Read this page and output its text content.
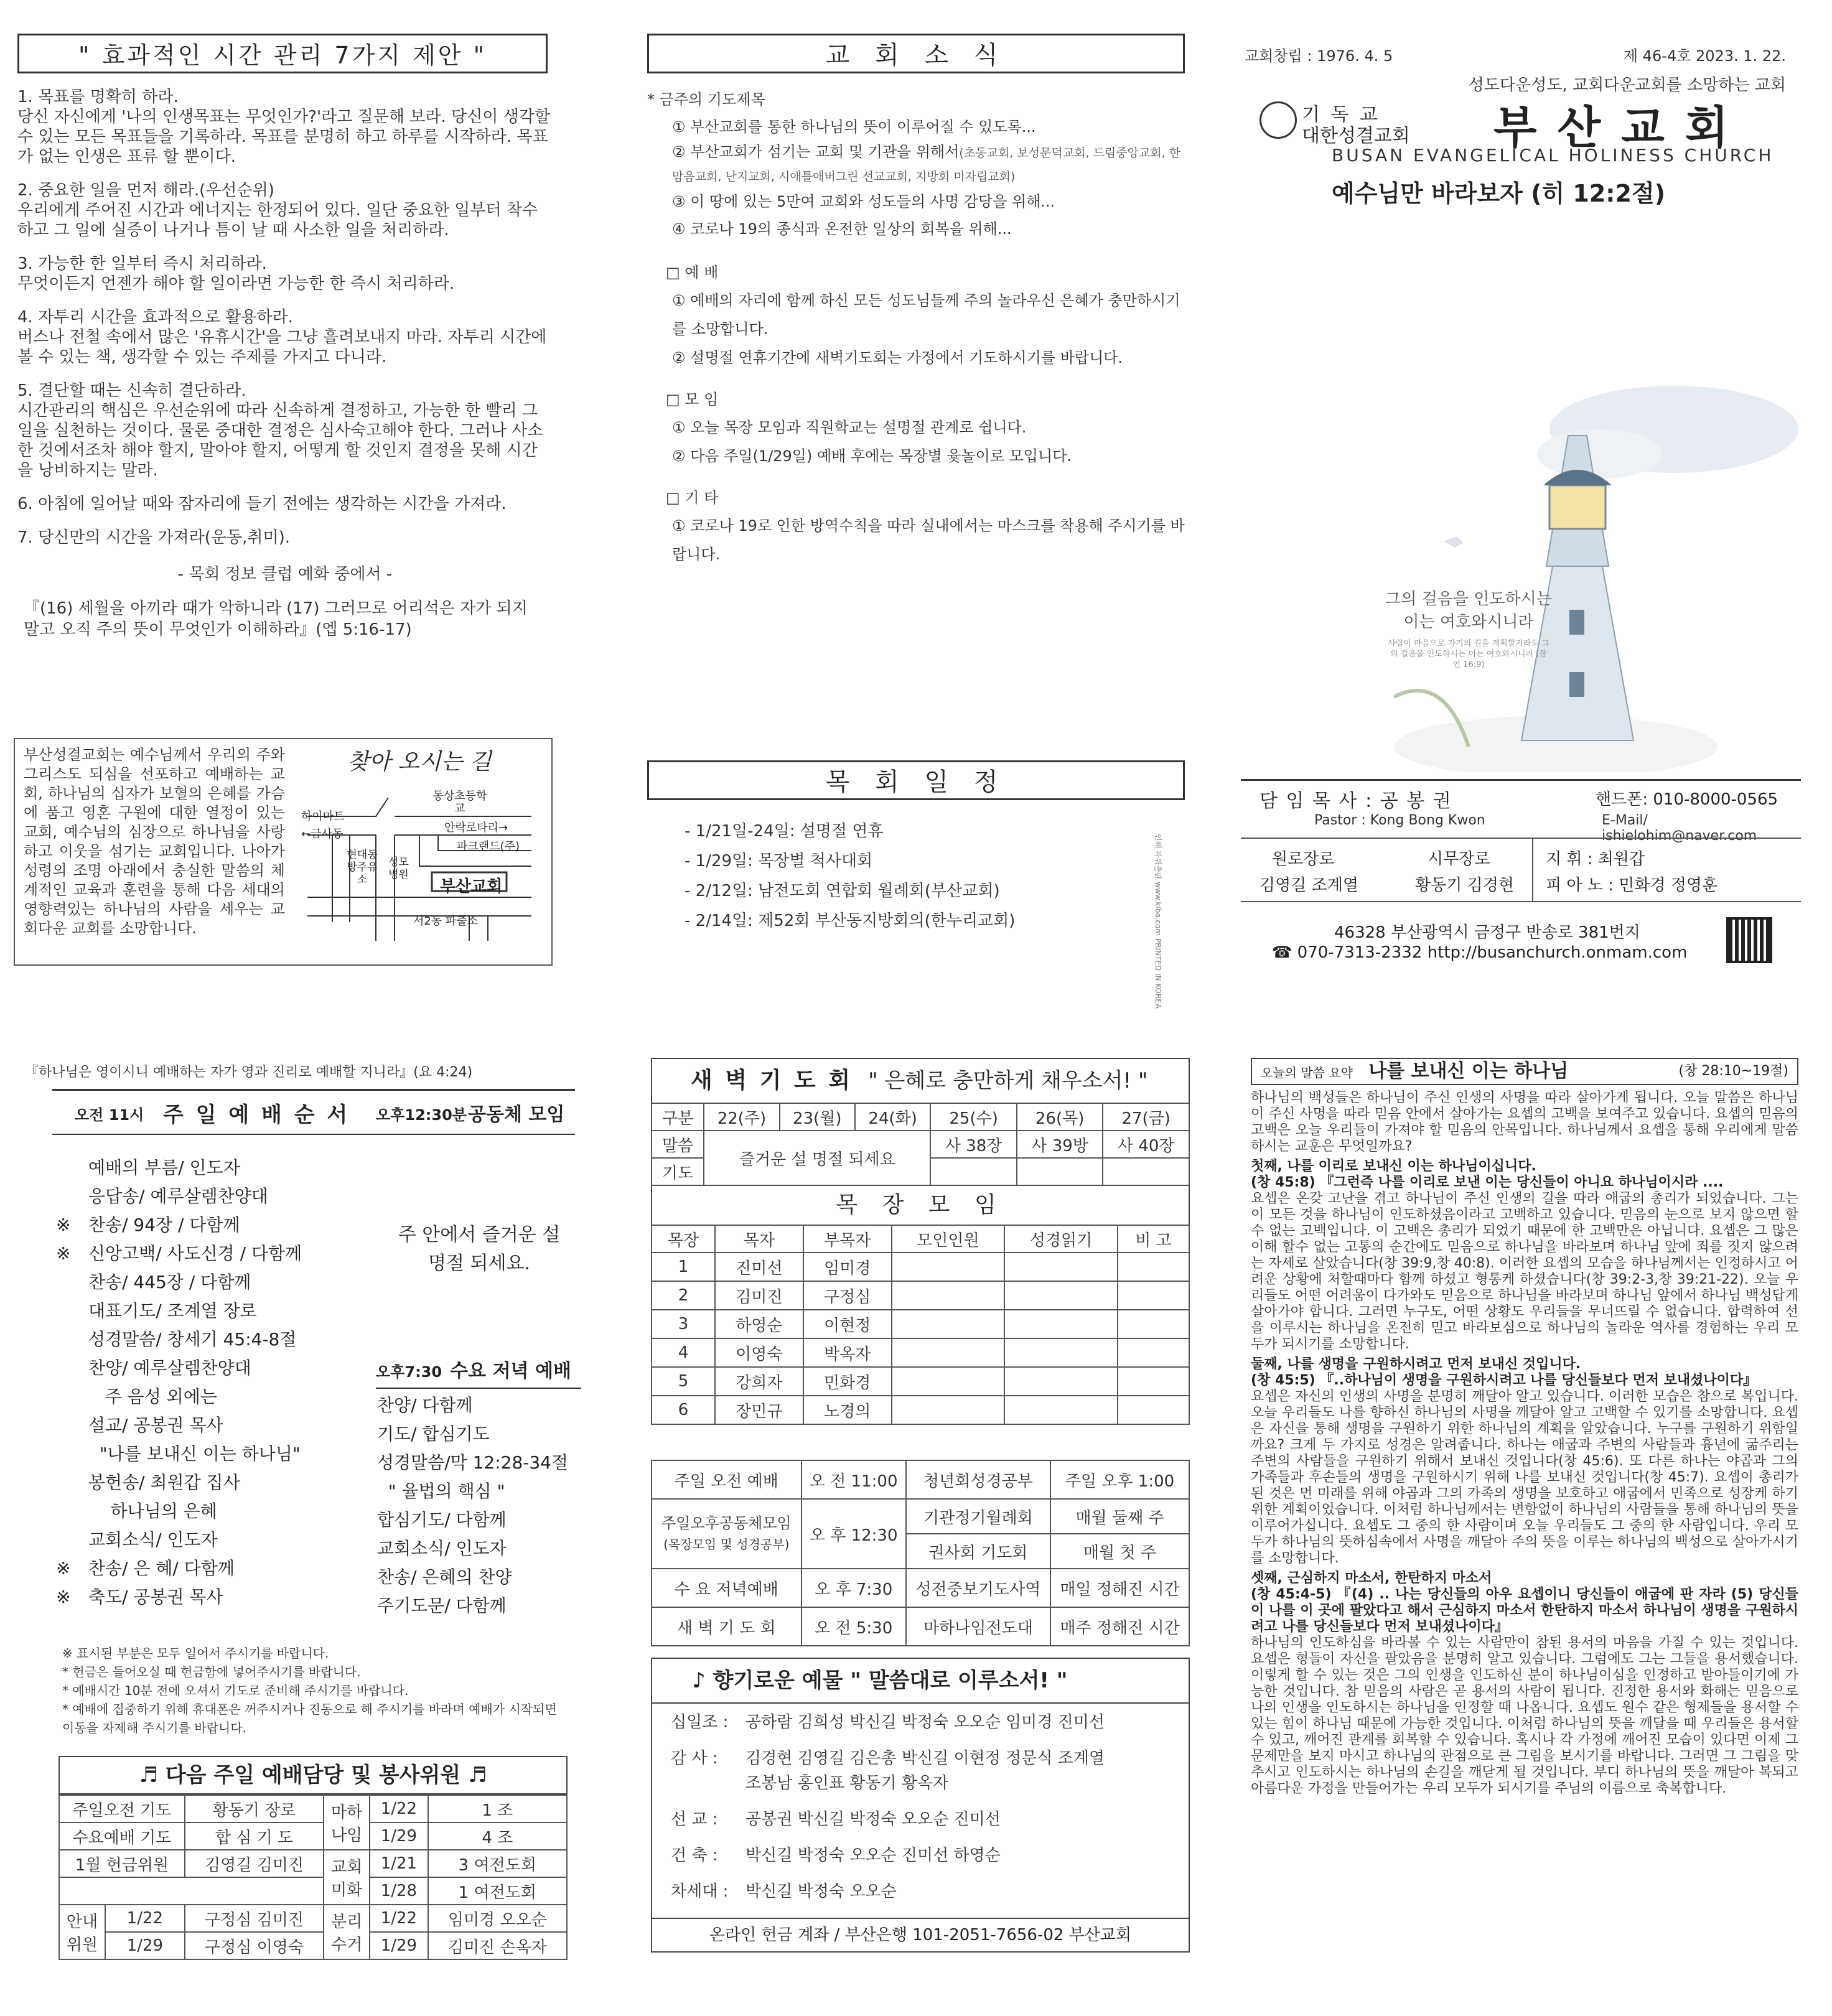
" 효과적인 시간 관리 7가지 제안 "
1. 목표를 명확히 하라.
당신 자신에게 '나의 인생목표는 무엇인가?'라고 질문해 보라. 당신이 생각할 수 있는 모든 목표들을 기록하라. 목표를 분명히 하고 하루를 시작하라. 목표가 없는 인생은 표류 할 뿐이다.
2. 중요한 일을 먼저 해라.(우선순위)
우리에게 주어진 시간과 에너지는 한정되어 있다. 일단 중요한 일부터 착수하고 그 일에 실증이 나거나 틈이 날 때 사소한 일을 처리하라.
3. 가능한 한 일부터 즉시 처리하라.
무엇이든지 언젠가 해야 할 일이라면 가능한 한 즉시 처리하라.
4. 자투리 시간을 효과적으로 활용하라.
버스나 전철 속에서 많은 '유휴시간'을 그냥 흘려보내지 마라. 자투리 시간에 볼 수 있는 책, 생각할 수 있는 주제를 가지고 다니라.
5. 결단할 때는 신속히 결단하라.
시간관리의 핵심은 우선순위에 따라 신속하게 결정하고, 가능한 한 빨리 그 일을 실천하는 것이다. 물론 중대한 결정은 심사숙고해야 한다. 그러나 사소한 것에서조차 해야 할지, 말아야 할지, 어떻게 할 것인지 결정을 못해 시간을 낭비하지는 말라.
6. 아침에 일어날 때와 잠자리에 들기 전에는 생각하는 시간을 가져라.
7. 당신만의 시간을 가져라(운동,취미).
- 목회 정보 클럽 예화 중에서 -
『(16) 세월을 아끼라 때가 악하니라 (17) 그러므로 어리석은 자가 되지 말고 오직 주의 뜻이 무엇인가 이해하라』(엡 5:16-17)
부산성결교회는 예수님께서 우리의 주와 그리스도 되심을 선포하고 예배하는 교회, 하나님의 십자가 보혈의 은혜를 가슴에 품고 영혼 구원에 대한 열정이 있는 교회, 예수님의 심장으로 하나님을 사랑하고 이웃을 섬기는 교회입니다. 나아가 성령의 조명 아래에서 충실한 말씀의 체계적인 교육과 훈련을 통해 다음 세대의 영향력있는 하나님의 사람을 세우는 교회다운 교회를 소망합니다.
찾아 오시는 길
동상초등학교
하이마트
←금사동
현대동방주유소
성모병원
안락로타리→
파크랜드(주)
부산교회
서2동 파출소
교 회 소 식
* 금주의 기도제목
① 부산교회를 통한 하나님의 뜻이 이루어질 수 있도록...
② 부산교회가 섬기는 교회 및 기관을 위해서(초동교회, 보성문덕교회, 드림중앙교회, 한맘음교회, 난지교회, 시애틀애버그린 선교교회, 지방회 미자립교회)
③ 이 땅에 있는 5만여 교회와 성도들의 사명 감당을 위해...
④ 코로나 19의 종식과 온전한 일상의 회복을 위해...
□ 예 배
① 예배의 자리에 함께 하신 모든 성도님들께 주의 놀라우신 은혜가 충만하시기를 소망합니다.
② 설명절 연휴기간에 새벽기도회는 가정에서 기도하시기를 바랍니다.
□ 모 임
① 오늘 목장 모임과 직원학교는 설명절 관계로 쉽니다.
② 다음 주일(1/29일) 예배 후에는 목장별 윷놀이로 모입니다.
□ 기 타
① 코로나 19로 인한 방역수칙을 따라 실내에서는 마스크를 착용해 주시기를 바랍니다.
목 회 일 정
- 1/21일-24일: 설명절 연휴
- 1/29일: 목장별 척사대회
- 2/12일: 남전도회 연합회 월례회(부산교회)
- 2/14일: 제52회 부산동지방회의(한누리교회)	인쇄 파워출판 www.kiba.com PRINTED IN KOREA
교회창립 : 1976. 4. 5	제 46-4호 2023. 1. 22.
성도다운성도, 교회다운교회를 소망하는 교회
기 독 교
대한성결교회 부 산 교 회
BUSAN EVANGELICAL HOLINESS CHURCH
예수님만 바라보자 (히 12:2절)
그의 걸음을 인도하시는
이는 여호와시니라
사람이 마음으로 자기의 길을 계획할지라도 그의 걸음을 인도하시는 이는 여호와시니라 (잠언 16:9)
담 임 목 사 : 공 봉 권	핸드폰: 010-8000-0565
Pastor : Kong Bong Kwon	E-Mail/ ishielohim@naver.com
원로장로
김영길 조계열
시무장로
황동기 김경현
지 휘 : 최원갑
피 아 노 : 민화경 정영훈
46328 부산광역시 금정구 반송로 381번지
☎ 070-7313-2332 http://busanchurch.onmam.com
『하나님은 영이시니 예배하는 자가 영과 진리로 예배할 지니라』(요 4:24)
오전 11시 주 일 예 배 순 서 오후12:30분 공동체 모임
예배의 부름/ 인도자
응답송/ 예루살렘찬양대
※ 찬송/ 94장 / 다함께
※ 신앙고백/ 사도신경 / 다함께
찬송/ 445장 / 다함께
대표기도/ 조계열 장로
성경말씀/ 창세기 45:4-8절
찬양/ 예루살렘찬양대
주 음성 외에는
설교/ 공봉권 목사
"나를 보내신 이는 하나님"
봉헌송/ 최원갑 집사
하나님의 은혜
교회소식/ 인도자
※ 찬송/ 은 혜/ 다함께
※ 축도/ 공봉권 목사
주 안에서 즐거운 설
명절 되세요.
오후7:30 수요 저녁 예배
찬양/ 다함께
기도/ 합심기도
성경말씀/막 12:28-34절
" 율법의 핵심 "
합심기도/ 다함께
교회소식/ 인도자
찬송/ 은혜의 찬양
주기도문/ 다함께
※ 표시된 부분은 모두 일어서 주시기를 바랍니다.
* 헌금은 들어오실 때 헌금함에 넣어주시기를 바랍니다.
* 예배시간 10분 전에 오셔서 기도로 준비해 주시기를 바랍니다.
* 예배에 집중하기 위해 휴대폰은 꺼주시거나 진동으로 해 주시기를 바라며 예배가 시작되면 이동을 자제해 주시기를 바랍니다.
♬ 다음 주일 예배담당 및 봉사위원 ♬
주일오전 기도		황동기 장로	마하나임	1/22	1 조
수요예배 기도		합 심 기 도		1/29	4 조
1월 헌금위원		김영길 김미진	교회미화	1/21	3 여전도회
				1/28	1 여전도회
안내위원	1/22	구정심 김미진	분리수거	1/22	임미경 오오순
	1/29	구정심 이영숙		1/29	김미진 손옥자
새 벽 기 도 회 " 은혜로 충만하게 채우소서! "
구분	22(주)	23(월)	24(화)	25(수)	26(목)	27(금)
말씀	즐거운 설 명절 되세요			사 38장	사 39방	사 40장
기도						
목 장 모 임
목장	목자	부목자	모인인원	성경읽기	비 고
1	진미선	임미경			
2	김미진	구정심			
3	하영순	이현정			
4	이영숙	박옥자			
5	강희자	민화경			
6	장민규	노경의			
주일 오전 예배	오 전 11:00	청년회성경공부	주일 오후 1:00

주일오후공동체모임
(목장모임 및 성경공부)	오 후 12:30	기관정기월례회	매월 둘째 주
		권사회 기도회	매월 첫 주
수 요 저녁예배	오 후 7:30	성전중보기도사역	매일 정해진 시간
새 벽 기 도 회	오 전 5:30	마하나임전도대	매주 정해진 시간
♪ 향기로운 예물 " 말씀대로 이루소서! "
십일조 :	공하람 김희성 박신길 박정숙 오오순 임미경 진미선
감 사 :	김경현 김영길 김은총 박신길 이현정 정문식 조계열
조봉남 홍인표 황동기 황옥자
선 교 :	공봉권 박신길 박정숙 오오순 진미선
건 축 :	박신길 박정숙 오오순 진미선 하영순
차세대 :	박신길 박정숙 오오순
온라인 헌금 계좌 / 부산은행 101-2051-7656-02 부산교회
오늘의 말씀 요약 나를 보내신 이는 하나님	(창 28:10~19절)

하나님의 백성들은 하나님이 주신 인생의 사명을 따라 살아가게 됩니다. 오늘 말씀은 하나님이 주신 사명을 따라 믿음 안에서 살아가는 요셉의 고백을 보여주고 있습니다. 요셉의 믿음의 고백은 오늘 우리들이 가져야 할 믿음의 안목입니다. 하나님께서 요셉을 통해 우리에게 말씀하시는 교훈은 무엇일까요?

첫째, 나를 이리로 보내신 이는 하나님이십니다.

(창 45:8) 『그런즉 나를 이리로 보낸 이는 당신들이 아니요 하나님이시라 ....

요셉은 온갖 고난을 겪고 하나님이 주신 인생의 길을 따라 애굽의 총리가 되었습니다. 그는 이 모든 것을 하나님이 인도하셨음이라고 고백하고 있습니다. 믿음의 눈으로 보지 않으면 할 수 없는 고백입니다. 이 고백은 총리가 되었기 때문에 한 고백만은 아닙니다. 요셉은 그 많은 이해 할수 없는 고통의 순간에도 믿음으로 하나님을 바라보며 하나님 앞에 죄를 짓지 않으려는 자세로 살았습니다(창 39:9,창 40:8). 이러한 요셉의 모습을 하나님께서는 인정하시고 어려운 상황에 처할때마다 함께 하셨고 형통케 하셨습니다(창 39:2-3,창 39:21-22). 오늘 우리들도 어떤 어려움이 다가와도 믿음으로 하나님을 바라보며 하나님 앞에서 하나님 백성답게 살아가야 합니다. 그러면 누구도, 어떤 상황도 우리들을 무너뜨릴 수 없습니다. 합력하여 선을 이루시는 하나님을 온전히 믿고 바라보심으로 하나님의 놀라운 역사를 경험하는 우리 모두가 되시기를 소망합니다.

둘째, 나를 생명을 구원하시려고 먼저 보내신 것입니다.

(창 45:5) 『..하나님이 생명을 구원하시려고 나를 당신들보다 먼저 보내셨나이다』

요셉은 자신의 인생의 사명을 분명히 깨달아 알고 있습니다. 이러한 모습은 참으로 복입니다. 오늘 우리들도 나를 향하신 하나님의 사명을 깨달아 알고 고백할 수 있기를 소망합니다. 요셉은 자신을 통해 생명을 구원하기 위한 하나님의 계획을 알았습니다. 누구를 구원하기 위함일까요? 크게 두 가지로 성경은 알려줍니다. 하나는 애굽과 주변의 사람들과 흉년에 굶주리는 주변의 사람들을 구원하기 위해서 보내신 것입니다(창 45:6). 또 다른 하나는 야곱과 그의 가족들과 후손들의 생명을 구원하시기 위해 나를 보내신 것입니다(창 45:7). 요셉이 총리가 된 것은 먼 미래를 위해 야곱과 그의 가족의 생명을 보호하고 애굽에서 민족으로 성장케 하기 위한 계획이었습니다. 이처럼 하나님께서는 변함없이 하나님의 사람들을 통해 하나님의 뜻을 이루어가십니다. 요셉도 그 중의 한 사람이며 오늘 우리들도 그 중의 한 사람입니다. 우리 모두가 하나님의 뜻하심속에서 사명을 깨달아 주의 뜻을 이루는 하나님의 백성으로 살아가시기를 소망합니다.

셋째, 근심하지 마소서, 한탄하지 마소서

(창 45:4-5) 『(4) .. 나는 당신들의 아우 요셉이니 당신들이 애굽에 판 자라 (5) 당신들이 나를 이 곳에 팔았다고 해서 근심하지 마소서 한탄하지 마소서 하나님이 생명을 구원하시려고 나를 당신들보다 먼저 보내셨나이다』

하나님의 인도하심을 바라볼 수 있는 사람만이 참된 용서의 마음을 가질 수 있는 것입니다. 요셉은 형들이 자신을 팔았음을 분명히 알고 있습니다. 그럼에도 그는 그들을 용서했습니다. 이렇게 할 수 있는 것은 그의 인생을 인도하신 분이 하나님이심을 인정하고 받아들이기에 가능한 것입니다. 참 믿음의 사람은 곧 용서의 사람이 됩니다. 진정한 용서와 화해는 믿음으로 나의 인생을 인도하시는 하나님을 인정할 때 나옵니다. 요셉도 원수 같은 형제들을 용서할 수 있는 힘이 하나님 때문에 가능한 것입니다. 이처럼 하나님의 뜻을 깨달을 때 우리들은 용서할 수 있고, 깨어진 관계를 회복할 수 있습니다. 혹시나 각 가정에 깨어진 모습이 있다면 이제 그 문제만을 보지 마시고 하나님의 관점으로 큰 그림을 보시기를 바랍니다. 그러면 그 그림을 맞추시고 인도하시는 하나님의 손길을 깨닫게 될 것입니다. 부디 하나님의 뜻을 깨달아 복되고 아름다운 가정을 만들어가는 우리 모두가 되시기를 주님의 이름으로 축복합니다.
